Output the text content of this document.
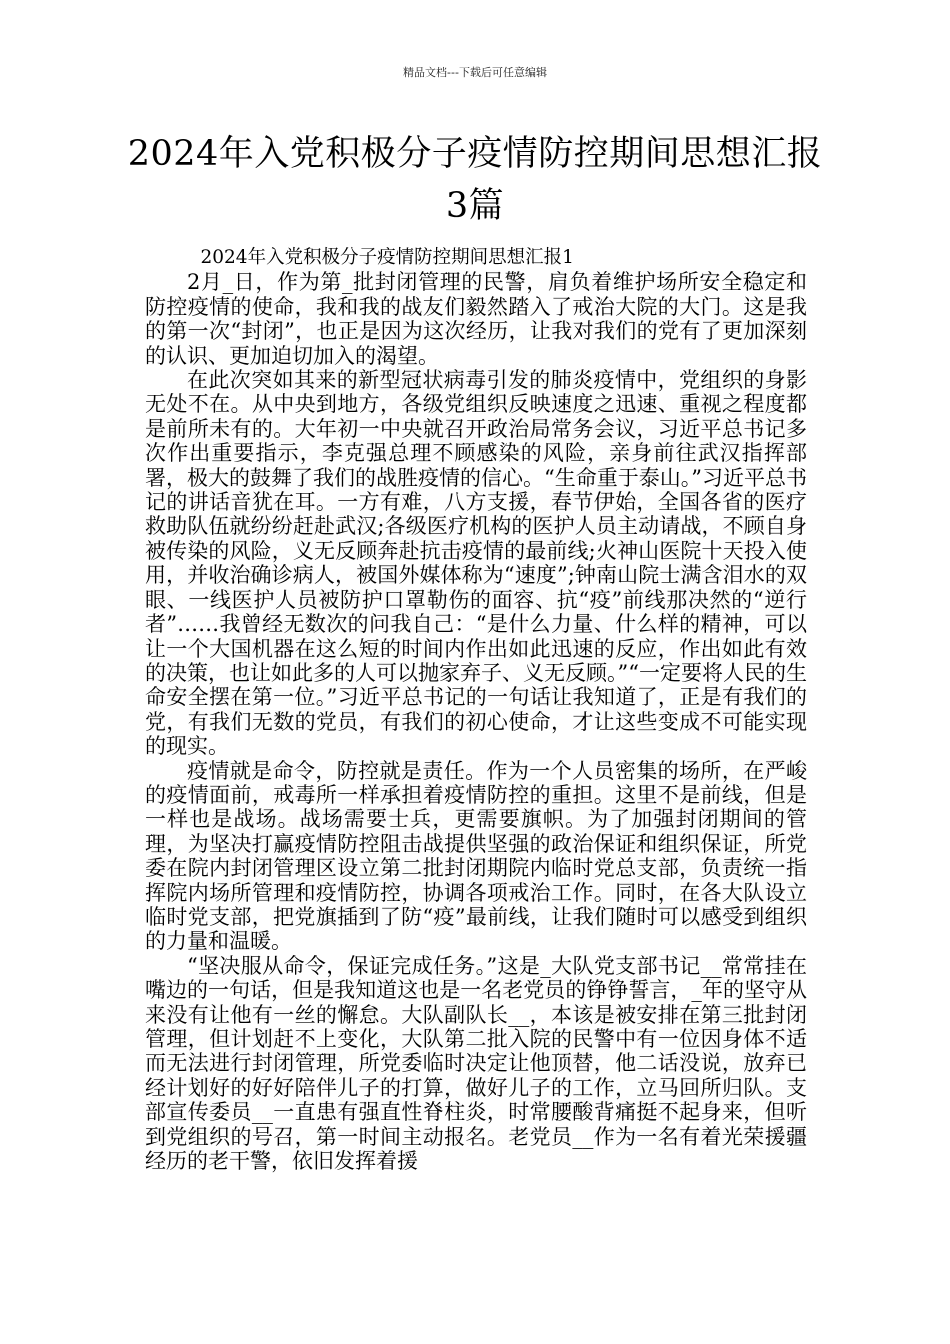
精品文档---下载后可任意编辑
2024年入党积极分子疫情防控期间思想汇报3篇

2024年入党积极分子疫情防控期间思想汇报1

2月_日，作为第_批封闭管理的民警，肩负着维护场所安全稳定和防控疫情的使命，我和我的战友们毅然踏入了戒治大院的大门。这是我的第一次“封闭”，也正是因为这次经历，让我对我们的党有了更加深刻的认识、更加迫切加入的渴望。

在此次突如其来的新型冠状病毒引发的肺炎疫情中，党组织的身影无处不在。从中央到地方，各级党组织反映速度之迅速、重视之程度都是前所未有的。大年初一中央就召开政治局常务会议，习近平总书记多次作出重要指示，李克强总理不顾感染的风险，亲身前往武汉指挥部署，极大的鼓舞了我们的战胜疫情的信心。“生命重于泰山。”习近平总书记的讲话音犹在耳。一方有难，八方支援，春节伊始，全国各省的医疗救助队伍就纷纷赶赴武汉;各级医疗机构的医护人员主动请战，不顾自身被传染的风险，义无反顾奔赴抗击疫情的最前线;火神山医院十天投入使用，并收治确诊病人，被国外媒体称为“速度”;钟南山院士满含泪水的双眼、一线医护人员被防护口罩勒伤的面容、抗“疫”前线那决然的“逆行者”……我曾经无数次的问我自己：“是什么力量、什么样的精神，可以让一个大国机器在这么短的时间内作出如此迅速的反应，作出如此有效的决策，也让如此多的人可以抛家弃子、义无反顾。”“一定要将人民的生命安全摆在第一位。”习近平总书记的一句话让我知道了，正是有我们的党，有我们无数的党员，有我们的初心使命，才让这些变成不可能实现的现实。

疫情就是命令，防控就是责任。作为一个人员密集的场所，在严峻的疫情面前，戒毒所一样承担着疫情防控的重担。这里不是前线，但是一样也是战场。战场需要士兵，更需要旗帜。为了加强封闭期间的管理，为坚决打赢疫情防控阻击战提供坚强的政治保证和组织保证，所党委在院内封闭管理区设立第二批封闭期院内临时党总支部，负责统一指挥院内场所管理和疫情防控，协调各项戒治工作。同时，在各大队设立临时党支部，把党旗插到了防“疫”最前线，让我们随时可以感受到组织的力量和温暖。

“坚决服从命令，保证完成任务。”这是_大队党支部书记__常常挂在嘴边的一句话，但是我知道这也是一名老党员的铮铮誓言，_年的坚守从来没有让他有一丝的懈怠。大队副队长__，本该是被安排在第三批封闭管理，但计划赶不上变化，大队第二批入院的民警中有一位因身体不适而无法进行封闭管理，所党委临时决定让他顶替，他二话没说，放弃已经计划好的好好陪伴儿子的打算，做好儿子的工作，立马回所归队。支部宣传委员__一直患有强直性脊柱炎，时常腰酸背痛挺不起身来，但听到党组织的号召，第一时间主动报名。老党员__作为一名有着光荣援疆经历的老干警，依旧发挥着援
